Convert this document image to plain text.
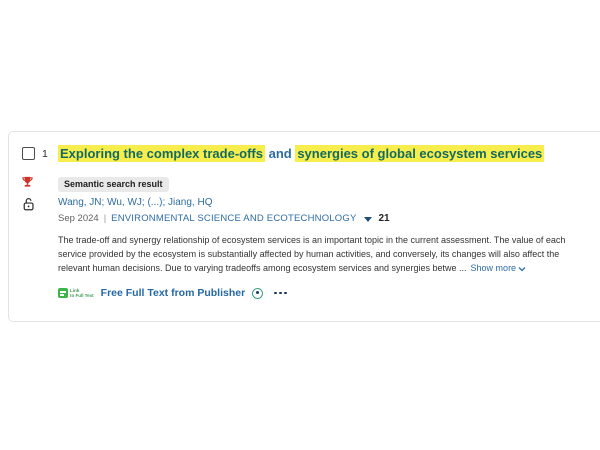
1 Exploring the complex trade-offs and synergies of global ecosystem services
Semantic search result
Wang, JN; Wu, WJ; (...); Jiang, HQ
Sep 2024 | ENVIRONMENTAL SCIENCE AND ECOTECHNOLOGY 21

The trade-off and synergy relationship of ecosystem services is an important topic in the current assessment. The value of each
service provided by the ecosystem is substantially affected by human activities, and conversely, its changes will also affect the
relevant human decisions. Due to varying tradeoffs among ecosystem services and synergies betwe ... Show more

Link
to Full Text Free Full Text from Publisher
